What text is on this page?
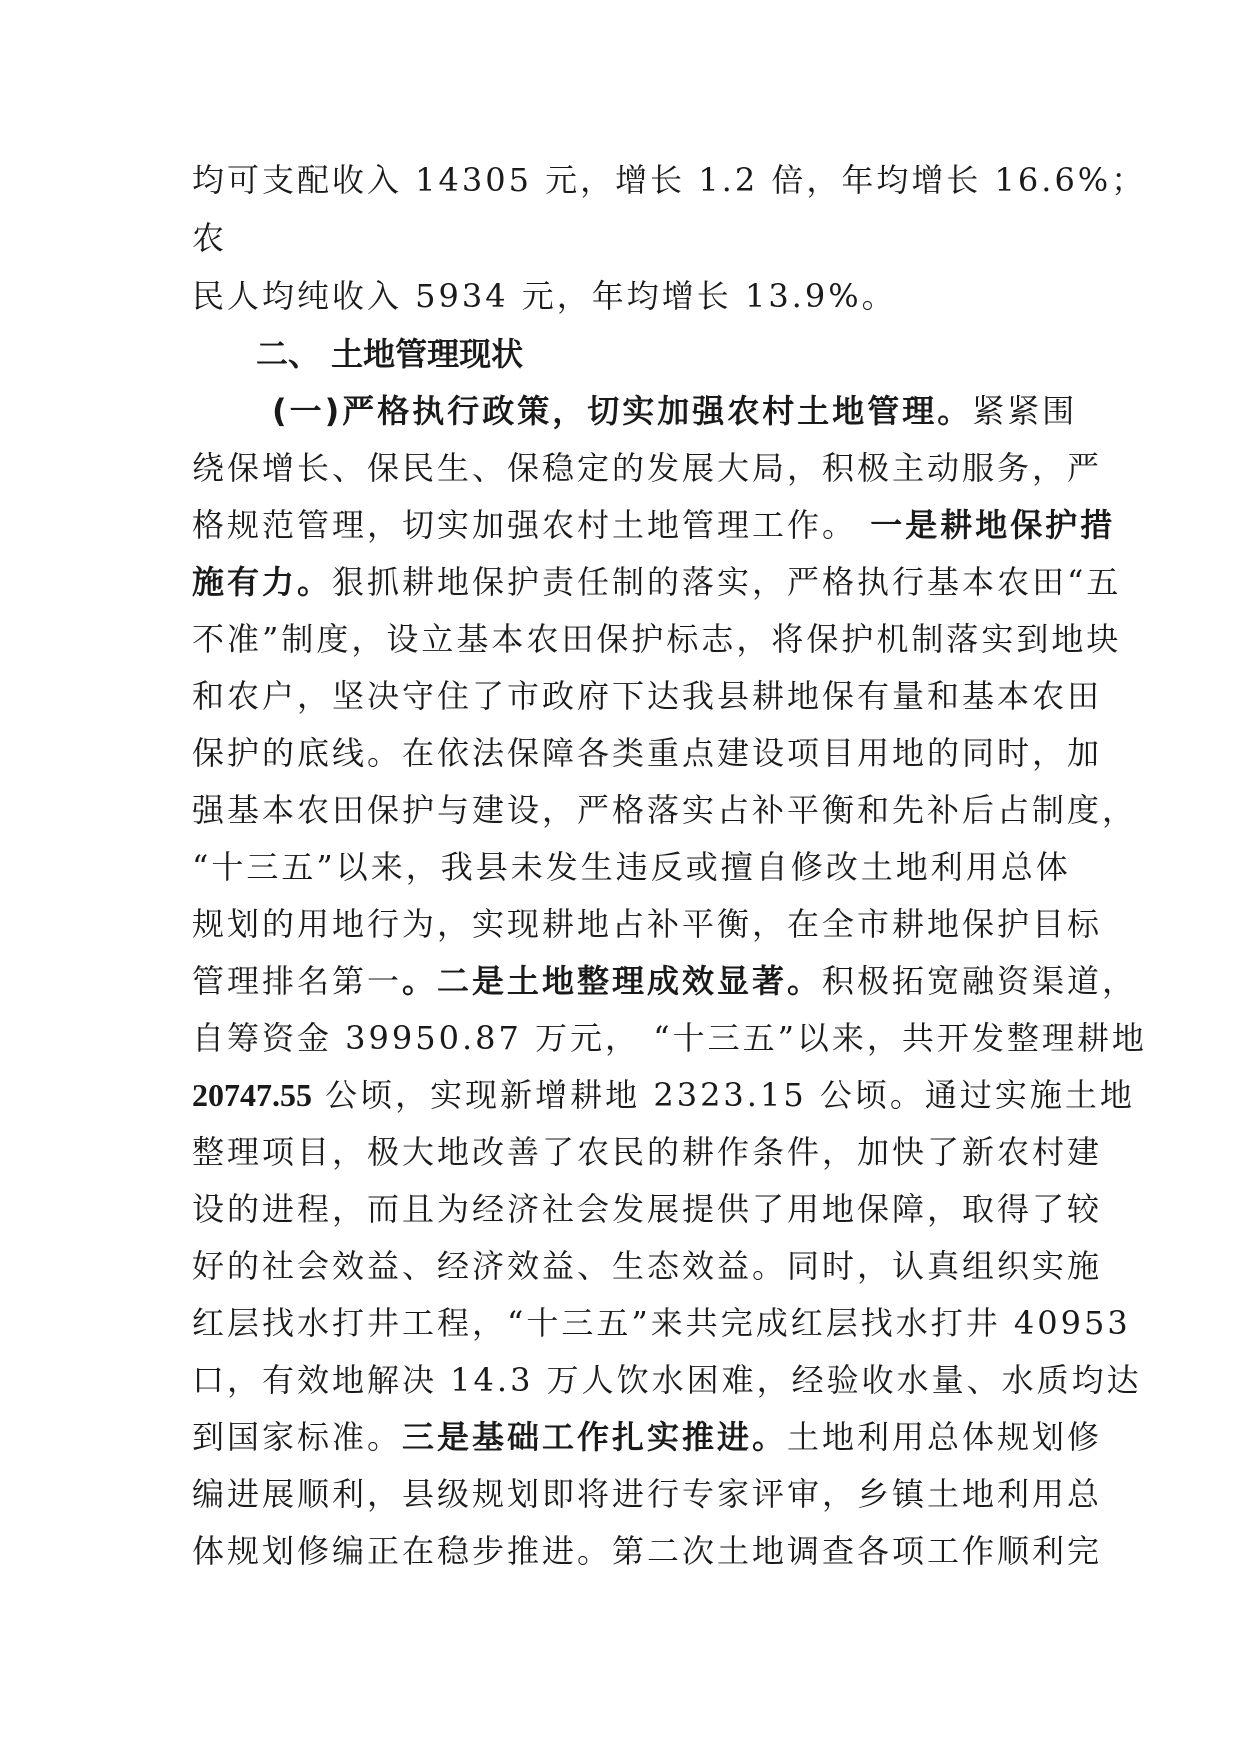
均可支配收入 14305 元，增长 1.2 倍，年均增长 16.6%；
农
民人均纯收入 5934 元，年均增长 13.9%。
二、 土地管理现状
(一)严格执行政策，切实加强农村土地管理。紧紧围
绕保增长、保民生、保稳定的发展大局，积极主动服务，严
格规范管理，切实加强农村土地管理工作。 一是耕地保护措
施有力。狠抓耕地保护责任制的落实，严格执行基本农田“五
不准”制度，设立基本农田保护标志，将保护机制落实到地块
和农户，坚决守住了市政府下达我县耕地保有量和基本农田
保护的底线。在依法保障各类重点建设项目用地的同时，加
强基本农田保护与建设，严格落实占补平衡和先补后占制度，
“十三五”以来，我县未发生违反或擅自修改土地利用总体
规划的用地行为，实现耕地占补平衡，在全市耕地保护目标
管理排名第一。二是土地整理成效显著。积极拓宽融资渠道，
自筹资金 39950.87 万元， “十三五”以来，共开发整理耕地
20747.55 公顷，实现新增耕地 2323.15 公顷。通过实施土地
整理项目，极大地改善了农民的耕作条件，加快了新农村建
设的进程，而且为经济社会发展提供了用地保障，取得了较
好的社会效益、经济效益、生态效益。同时，认真组织实施
红层找水打井工程，“十三五”来共完成红层找水打井 40953
口，有效地解决 14.3 万人饮水困难，经验收水量、水质均达
到国家标准。三是基础工作扎实推进。土地利用总体规划修
编进展顺利，县级规划即将进行专家评审，乡镇土地利用总
体规划修编正在稳步推进。第二次土地调查各项工作顺利完
